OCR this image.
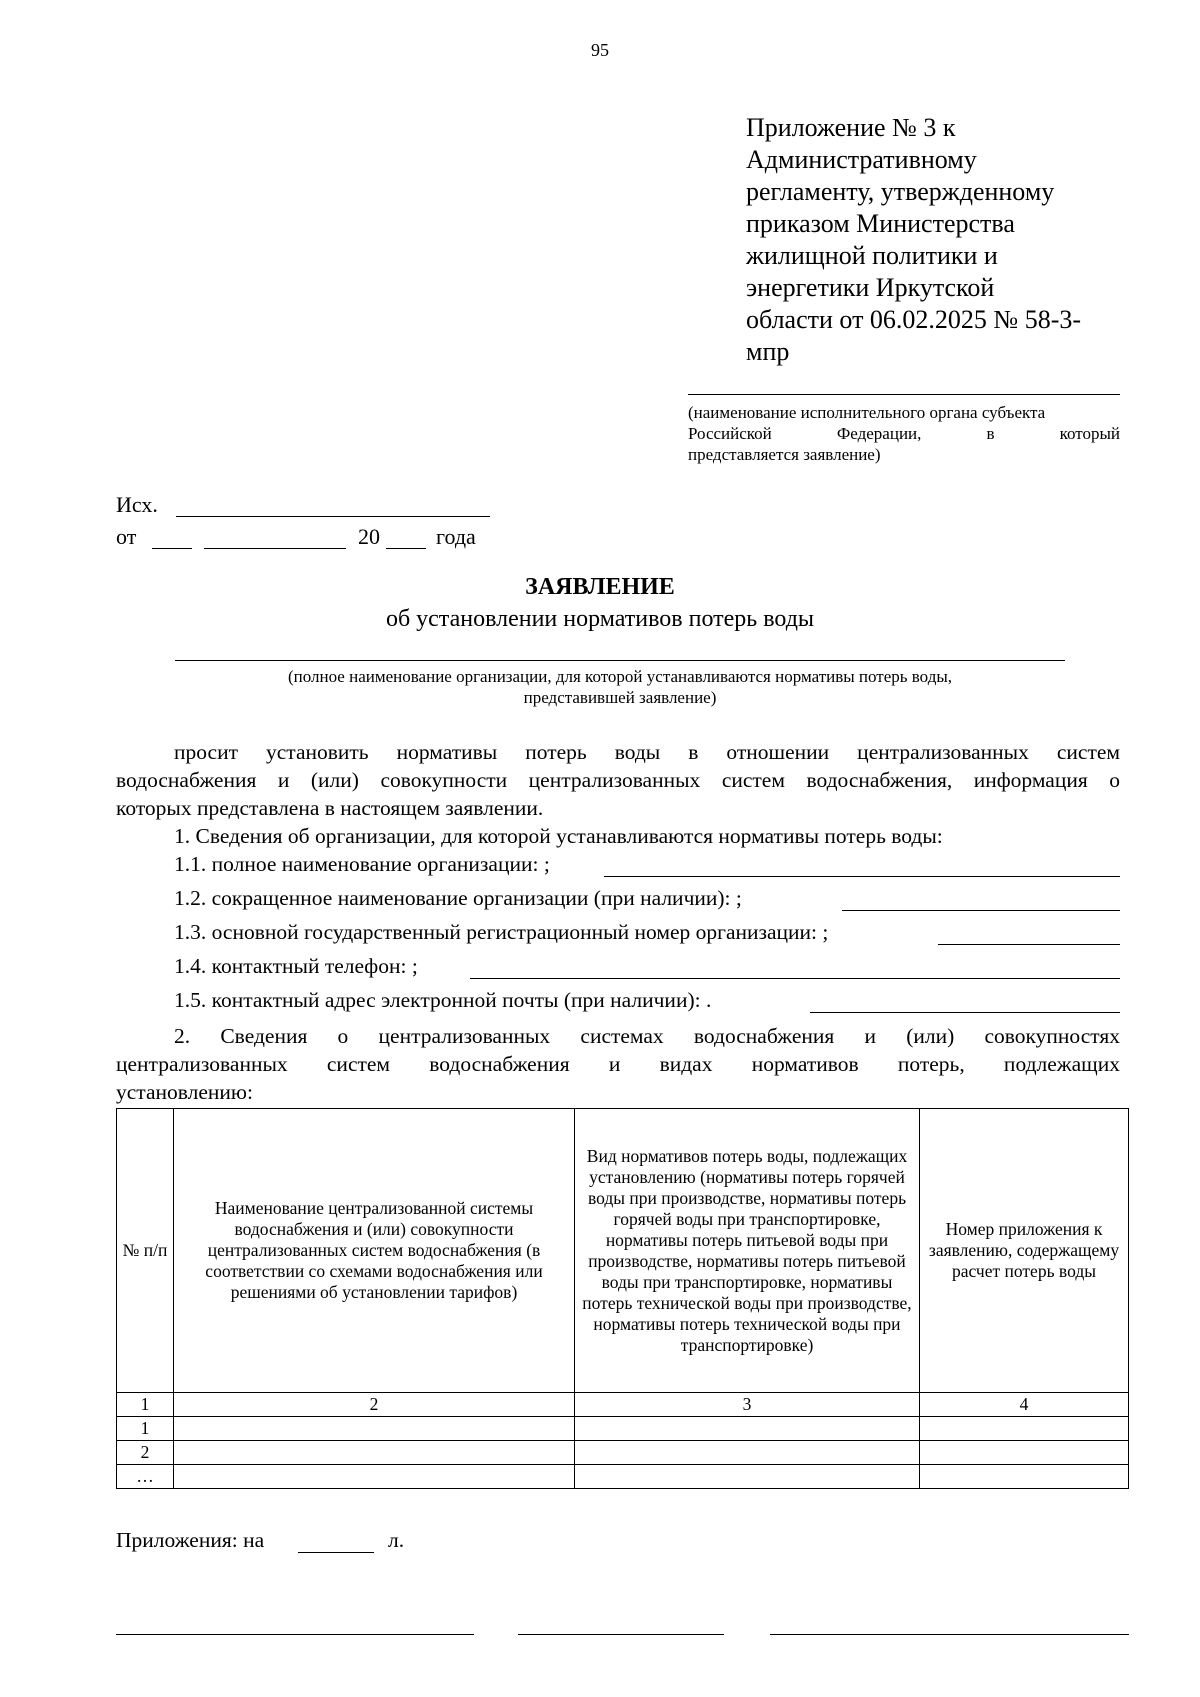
95
Приложение № 3 к
Административному
регламенту, утвержденному
приказом Министерства
жилищной политики и
энергетики Иркутской
области от 06.02.2025 № 58-3-
мпр
(наименование исполнительного органа субъекта
Российской Федерации, в который
представляется заявление)
Исх.
от	20	года
ЗАЯВЛЕНИЕ
об установлении нормативов потерь воды
(полное наименование организации, для которой устанавливаются нормативы потерь воды,
представившей заявление)
просит установить нормативы потерь воды в отношении централизованных систем
водоснабжения и (или) совокупности централизованных систем водоснабжения, информация о
которых представлена в настоящем заявлении.
1. Сведения об организации, для которой устанавливаются нормативы потерь воды:
1.1. полное наименование организации: ;
1.2. сокращенное наименование организации (при наличии): ;
1.3. основной государственный регистрационный номер организации: ;
1.4. контактный телефон: ;
1.5. контактный адрес электронной почты (при наличии): .
2. Сведения о централизованных системах водоснабжения и (или) совокупностях
централизованных систем водоснабжения и видах нормативов потерь, подлежащих
установлению:
№ п/п	Наименование централизованной системы водоснабжения и (или) совокупности централизованных систем водоснабжения (в соответствии со схемами водоснабжения или решениями об установлении тарифов)	Вид нормативов потерь воды, подлежащих установлению (нормативы потерь горячей воды при производстве, нормативы потерь горячей воды при транспортировке, нормативы потерь питьевой воды при производстве, нормативы потерь питьевой воды при транспортировке, нормативы потерь технической воды при производстве, нормативы потерь технической воды при транспортировке)	Номер приложения к заявлению, содержащему расчет потерь воды
1	2	3	4
1			
2			
…			
Приложения: на	л.
